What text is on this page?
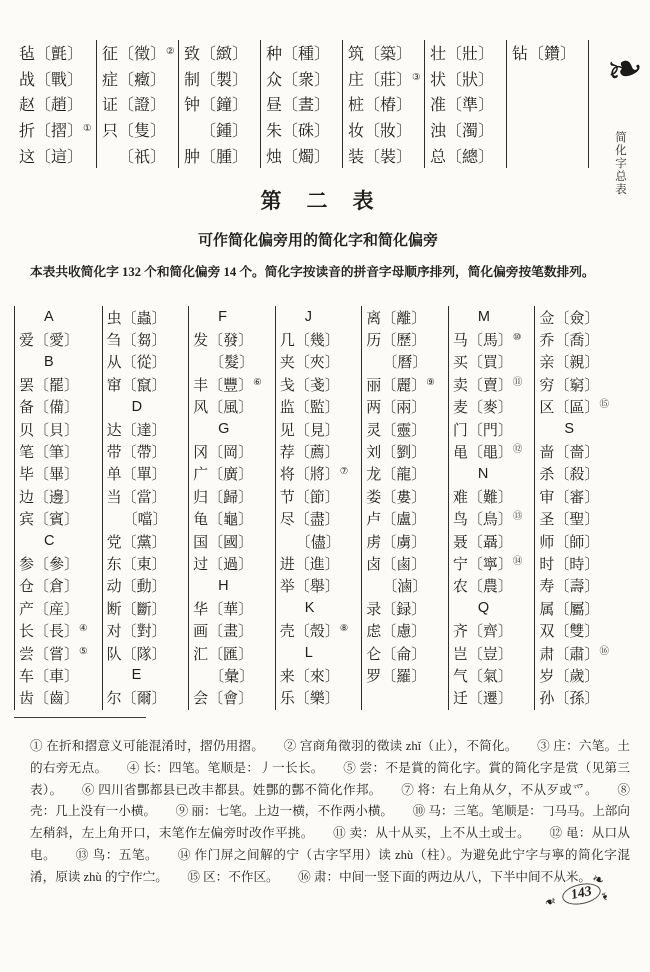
毡〔氈〕
战〔戰〕
赵〔趙〕
折〔摺〕①
这〔這〕
征〔徵〕②
症〔癥〕
证〔證〕
只〔隻〕
〔祇〕
致〔緻〕
制〔製〕
钟〔鐘〕
〔鍾〕
肿〔腫〕
种〔種〕
众〔衆〕
昼〔晝〕
朱〔硃〕
烛〔燭〕
筑〔築〕
庄〔莊〕③
桩〔椿〕
妆〔妝〕
装〔裝〕
壮〔壯〕
状〔狀〕
准〔準〕
浊〔濁〕
总〔總〕
钻〔鑽〕 ❧
简化字总表
第　二　表
可作简化偏旁用的简化字和简化偏旁

本表共收简化字 132 个和简化偏旁 14 个。简化字按读音的拼音字母顺序排列，简化偏旁按笔数排列。

A
爱〔愛〕
B
罢〔罷〕
备〔備〕
贝〔貝〕
笔〔筆〕
毕〔畢〕
边〔邊〕
宾〔賓〕
C
参〔參〕
仓〔倉〕
产〔産〕
长〔長〕④
尝〔嘗〕⑤
车〔車〕
齿〔齒〕
虫〔蟲〕
刍〔芻〕
从〔從〕
窜〔竄〕
D
达〔達〕
带〔帶〕
单〔單〕
当〔當〕
〔噹〕
党〔黨〕
东〔東〕
动〔動〕
断〔斷〕
对〔對〕
队〔隊〕
E
尔〔爾〕
F
发〔發〕
〔髮〕
丰〔豐〕⑥
风〔風〕
G
冈〔岡〕
广〔廣〕
归〔歸〕
龟〔龜〕
国〔國〕
过〔過〕
H
华〔華〕
画〔畫〕
汇〔匯〕
〔彙〕
会〔會〕
J
几〔幾〕
夹〔夾〕
戋〔戔〕
监〔監〕
见〔見〕
荐〔薦〕
将〔將〕⑦
节〔節〕
尽〔盡〕
〔儘〕
进〔進〕
举〔舉〕
K
壳〔殼〕⑧
L
来〔來〕
乐〔樂〕
离〔離〕
历〔歷〕
〔曆〕
丽〔麗〕⑨
两〔兩〕
灵〔靈〕
刘〔劉〕
龙〔龍〕
娄〔婁〕
卢〔盧〕
虏〔虜〕
卤〔鹵〕
〔滷〕
录〔録〕
虑〔慮〕
仑〔侖〕
罗〔羅〕
M
马〔馬〕⑩
买〔買〕
卖〔賣〕⑪
麦〔麥〕
门〔門〕
黾〔黽〕⑫
N
难〔難〕
鸟〔鳥〕⑬
聂〔聶〕
宁〔寧〕⑭
农〔農〕
Q
齐〔齊〕
岂〔豈〕
气〔氣〕
迁〔遷〕
佥〔僉〕
乔〔喬〕
亲〔親〕
穷〔窮〕
区〔區〕⑮
S
啬〔嗇〕
杀〔殺〕
审〔審〕
圣〔聖〕
师〔師〕
时〔時〕
寿〔壽〕
属〔屬〕
双〔雙〕
肃〔肅〕⑯
岁〔歲〕
孙〔孫〕

① 在折和摺意义可能混淆时，摺仍用摺。 ② 宫商角徵羽的徵读 zhǐ（止），不简化。 ③ 庄：六笔。土的右旁无点。 ④ 长：四笔。笔顺是：丿一长长。 ⑤ 尝：不是賞的简化字。賞的简化字是赏（见第三表）。 ⑥ 四川省酆都县已改丰都县。姓酆的酆不简化作邦。 ⑦ 将：右上角从夕，不从歹或爫。 ⑧ 壳：几上没有一小横。 ⑨ 丽：七笔。上边一横，不作两小横。 ⑩ 马：三笔。笔顺是：𠃌马马。上部向左稍斜，左上角开口，末笔作左偏旁时改作平挑。 ⑪ 卖：从十从买，上不从土或士。 ⑫ 黾：从口从电。 ⑬ 鸟：五笔。 ⑭ 作门屏之间解的宁（古字罕用）读 zhù（柱）。为避免此宁字与寧的简化字混淆，原读 zhù 的宁作㝉。 ⑮ 区：不作区。 ⑯ 肃：中间一竖下面的两边从八，下半中间不从米。

❧
❧
❧
143
